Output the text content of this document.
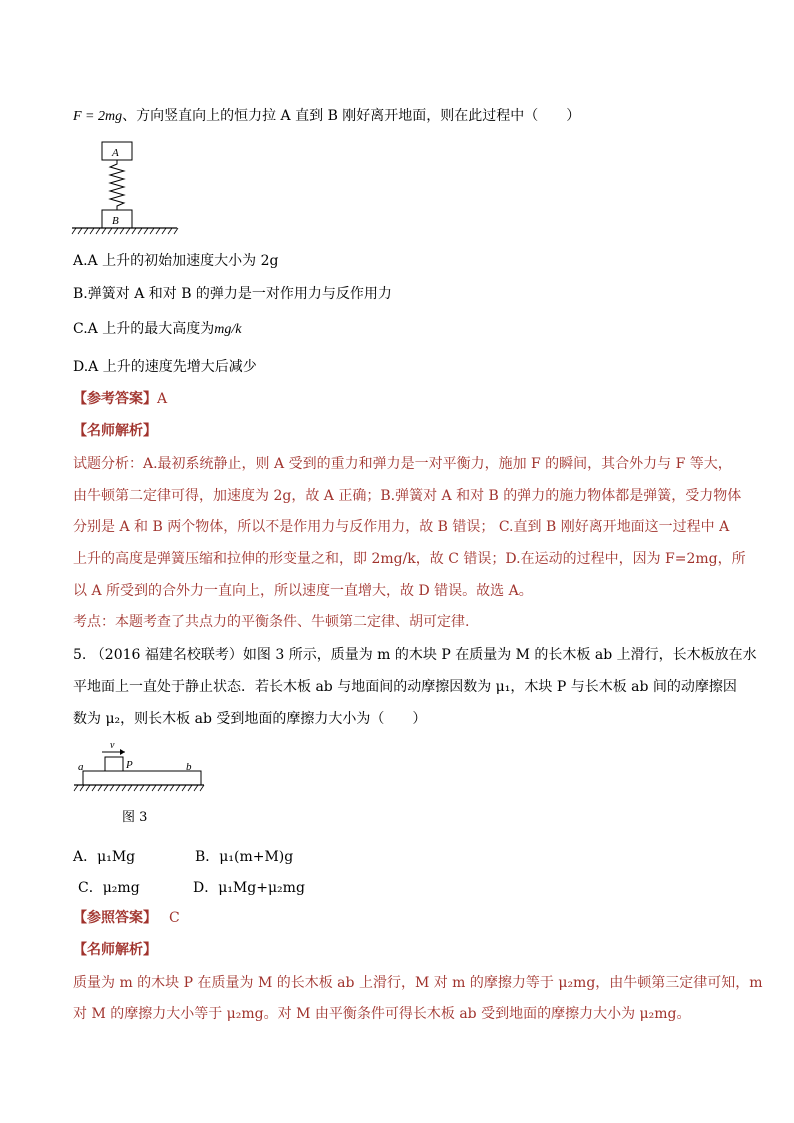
F = 2mg、方向竖直向上的恒力拉 A 直到 B 刚好离开地面，则在此过程中（　　）
A
B
A.A 上升的初始加速度大小为 2g
B.弹簧对 A 和对 B 的弹力是一对作用力与反作用力
C.A 上升的最大高度为mg/k
D.A 上升的速度先增大后减少
【参考答案】A
【名师解析】
试题分析：A.最初系统静止，则 A 受到的重力和弹力是一对平衡力，施加 F 的瞬间，其合外力与 F 等大，
由牛顿第二定律可得，加速度为 2g，故 A 正确；B.弹簧对 A 和对 B 的弹力的施力物体都是弹簧，受力物体
分别是 A 和 B 两个物体，所以不是作用力与反作用力，故 B 错误； C.直到 B 刚好离开地面这一过程中 A
上升的高度是弹簧压缩和拉伸的形变量之和，即 2mg/k，故 C 错误；D.在运动的过程中，因为 F=2mg，所
以 A 所受到的合外力一直向上，所以速度一直增大，故 D 错误。故选 A。
考点：本题考查了共点力的平衡条件、牛顿第二定律、胡可定律.
5. （2016 福建名校联考）如图 3 所示，质量为 m 的木块 P 在质量为 M 的长木板 ab 上滑行，长木板放在水
平地面上一直处于静止状态．若长木板 ab 与地面间的动摩擦因数为 μ₁，木块 P 与长木板 ab 间的动摩擦因
数为 μ₂，则长木板 ab 受到地面的摩擦力大小为（　　）
v
P
a	b
图 3
A．μ₁Mg	B．μ₁(m+M)g
C．μ₂mg	D．μ₁Mg+μ₂mg
【参照答案】 C
【名师解析】
质量为 m 的木块 P 在质量为 M 的长木板 ab 上滑行，M 对 m 的摩擦力等于 μ₂mg，由牛顿第三定律可知，m
对 M 的摩擦力大小等于 μ₂mg。对 M 由平衡条件可得长木板 ab 受到地面的摩擦力大小为 μ₂mg。
